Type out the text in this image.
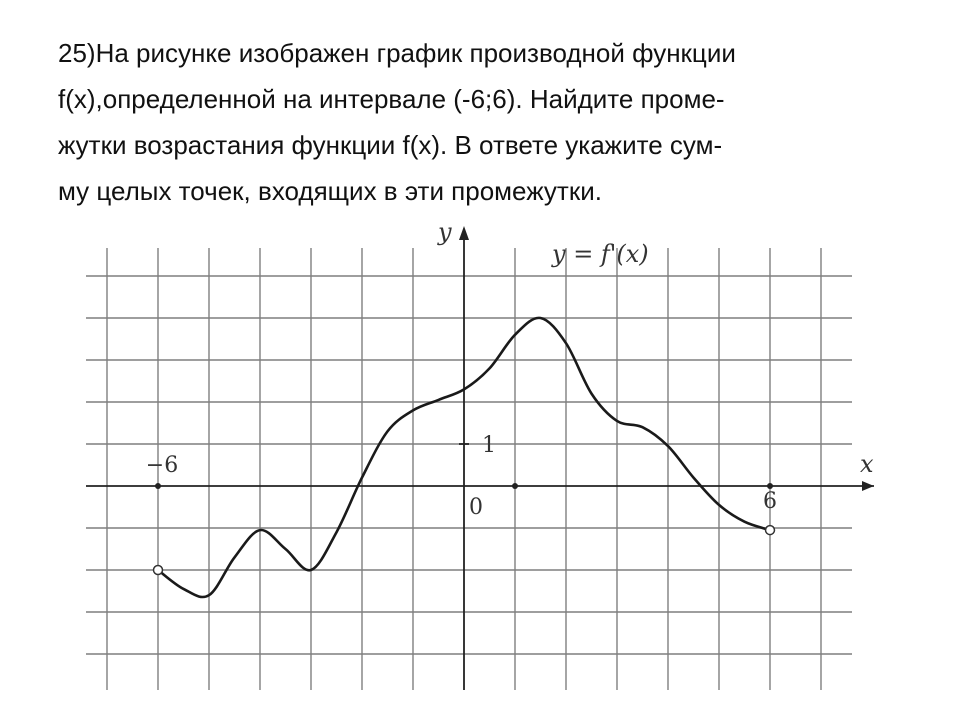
25)На рисунке изображен график производной функции
f(x),определенной на интервале (-6;6). Найдите проме-
жутки возрастания функции f(x). В ответе укажите сум-
му целых точек, входящих в эти промежутки.

y = f'(x)
y
x
−6
6
0
1
